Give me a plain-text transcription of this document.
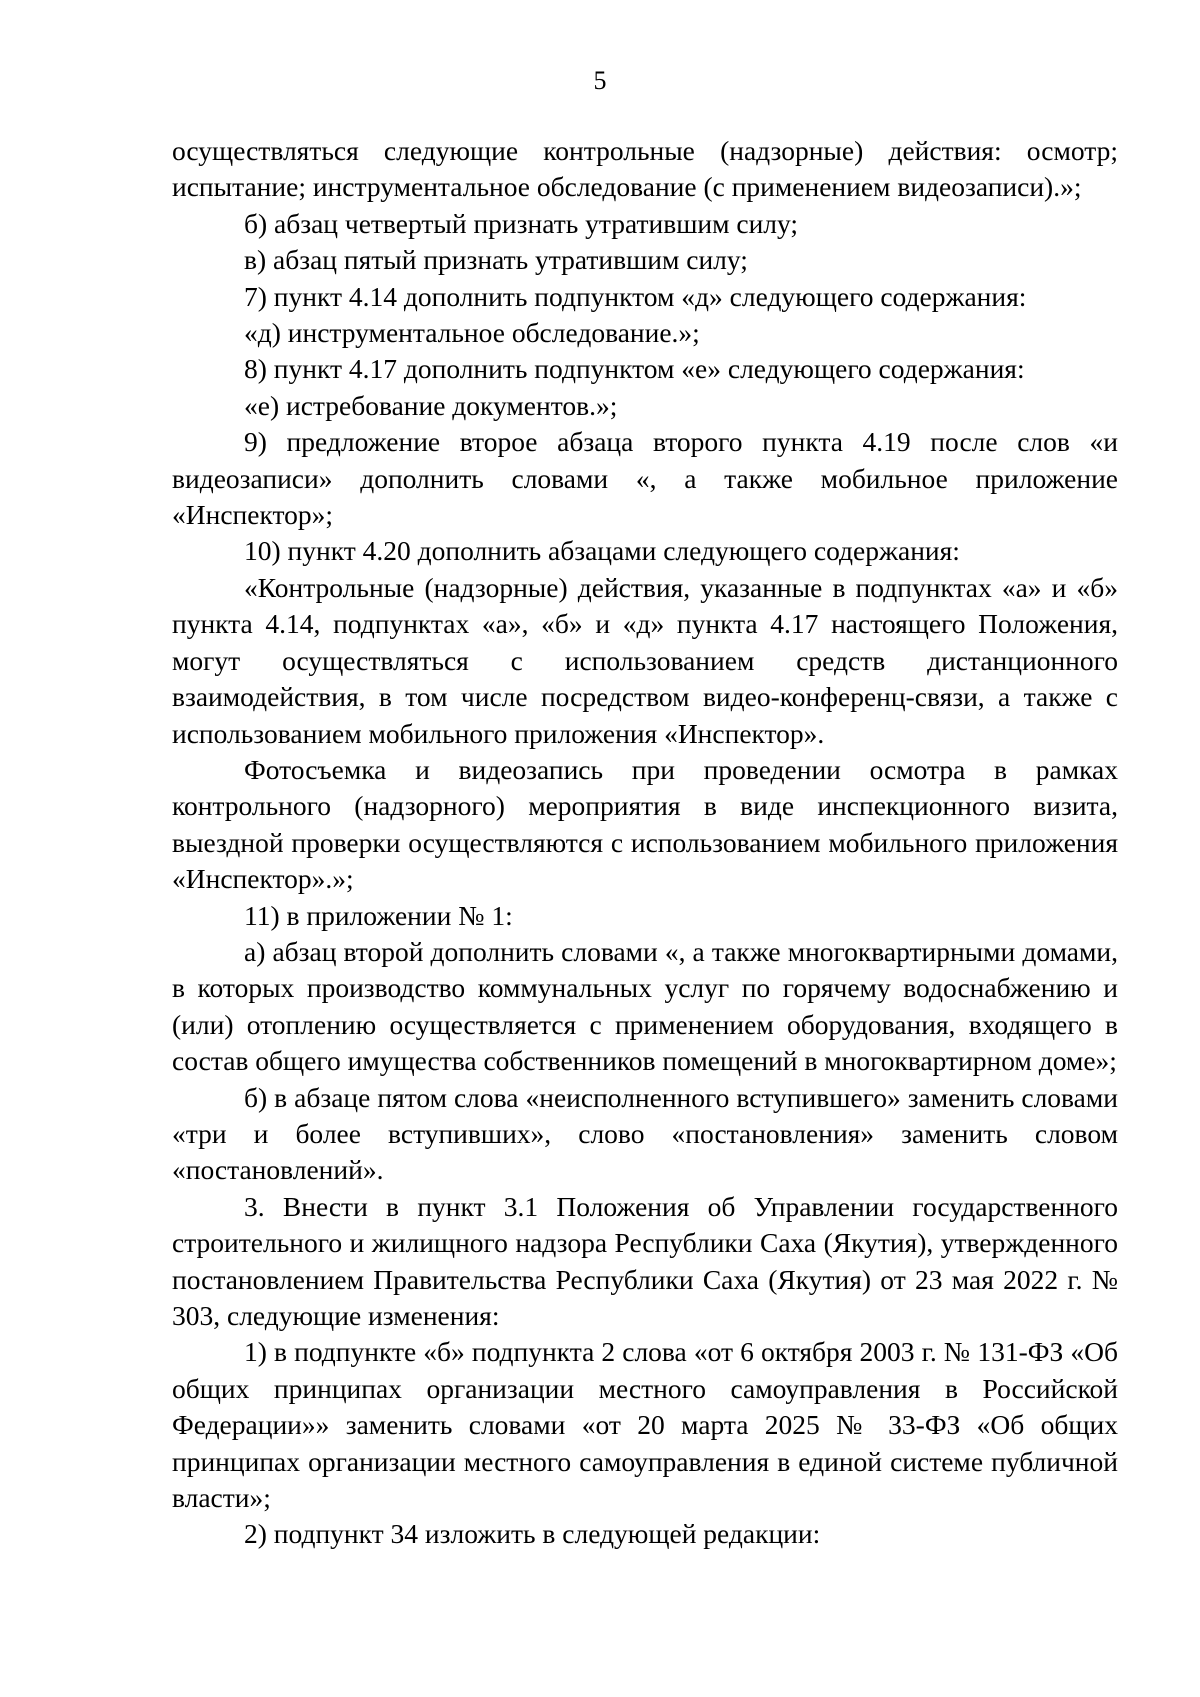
5

осуществляться следующие контрольные (надзорные) действия: осмотр; испытание; инструментальное обследование (с применением видеозаписи).»;

б) абзац четвертый признать утратившим силу;

в) абзац пятый признать утратившим силу;

7) пункт 4.14 дополнить подпунктом «д» следующего содержания:

«д) инструментальное обследование.»;

8) пункт 4.17 дополнить подпунктом «е» следующего содержания:

«е) истребование документов.»;

9) предложение второе абзаца второго пункта 4.19 после слов «и видеозаписи» дополнить словами «, а также мобильное приложение «Инспектор»;

10) пункт 4.20 дополнить абзацами следующего содержания:

«Контрольные (надзорные) действия, указанные в подпунктах «а» и «б» пункта 4.14, подпунктах «а», «б» и «д» пункта 4.17 настоящего Положения, могут осуществляться с использованием средств дистанционного взаимодействия, в том числе посредством видео-конференц-связи, а также с использованием мобильного приложения «Инспектор».

Фотосъемка и видеозапись при проведении осмотра в рамках контрольного (надзорного) мероприятия в виде инспекционного визита, выездной проверки осуществляются с использованием мобильного приложения «Инспектор».»;

11) в приложении № 1:

а) абзац второй дополнить словами «, а также многоквартирными домами, в которых производство коммунальных услуг по горячему водоснабжению и (или) отоплению осуществляется с применением оборудования, входящего в состав общего имущества собственников помещений в многоквартирном доме»;

б) в абзаце пятом слова «неисполненного вступившего» заменить словами «три и более вступивших», слово «постановления» заменить словом «постановлений».

3. Внести в пункт 3.1 Положения об Управлении государственного строительного и жилищного надзора Республики Саха (Якутия), утвержденного постановлением Правительства Республики Саха (Якутия) от 23 мая 2022 г. № 303, следующие изменения:

1) в подпункте «б» подпункта 2 слова «от 6 октября 2003 г. № 131-ФЗ «Об общих принципах организации местного самоуправления в Российской Федерации»» заменить словами «от 20 марта 2025 № 33-ФЗ «Об общих принципах организации местного самоуправления в единой системе публичной власти»;

2) подпункт 34 изложить в следующей редакции:
